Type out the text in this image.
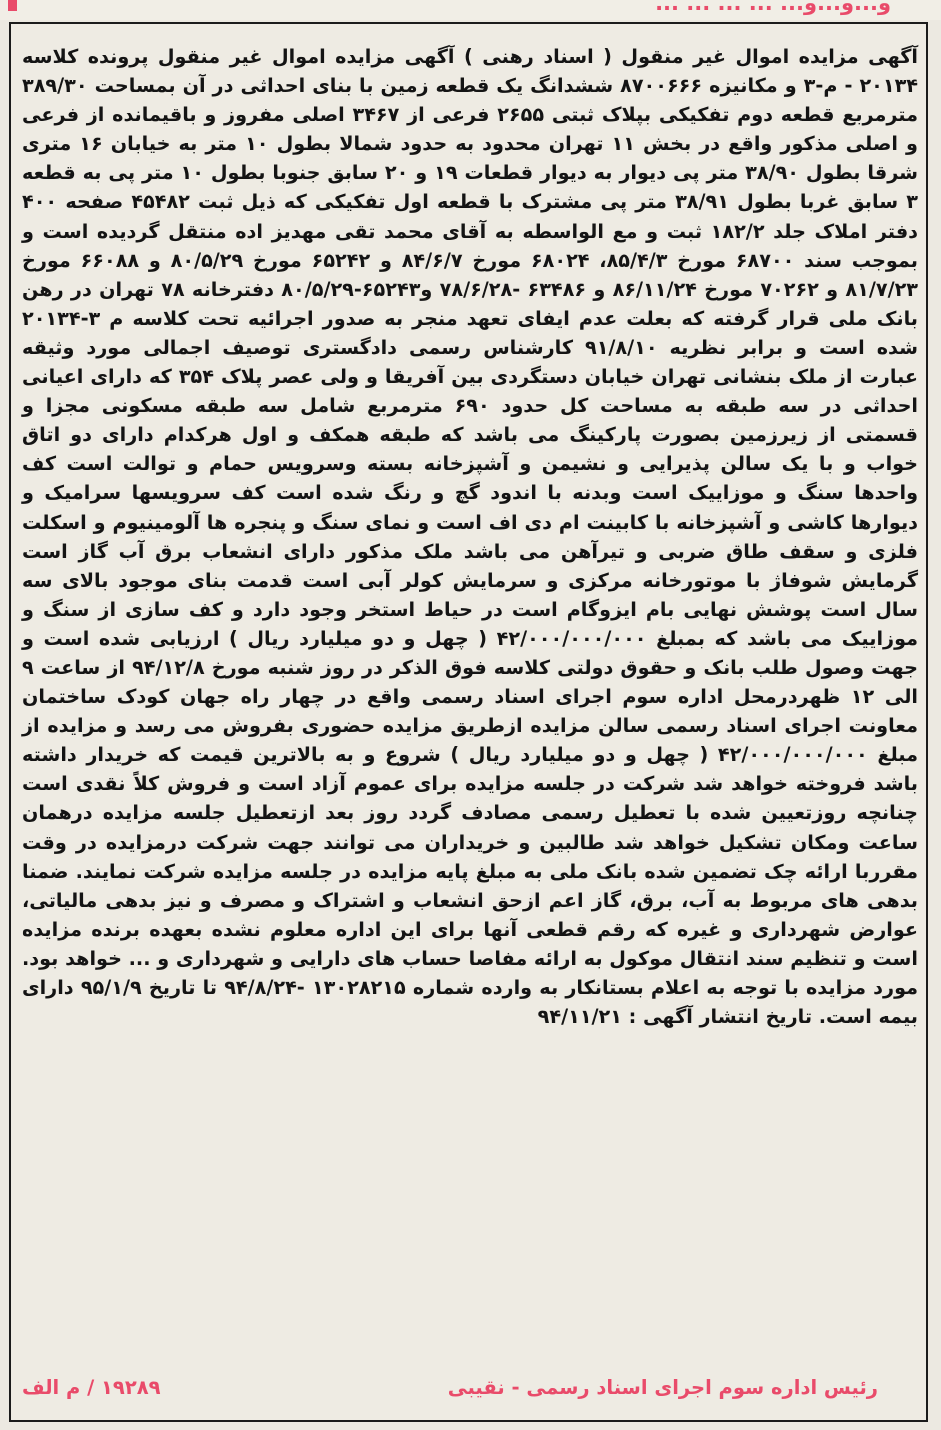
و...و...و... ... ... ... ...

آگهی مزایده اموال غیر منقول ( اسناد رهنی ) آگهی مزایده اموال غیر منقول پرونده کلاسه ۲۰۱۳۴ - م-۳ و مکانیزه ۸۷۰۰۶۶۶ ششدانگ یک قطعه زمین با بنای احداثی در آن بمساحت ۳۸۹/۳۰ مترمربع قطعه دوم تفکیکی بپلاک ثبتی ۲۶۵۵ فرعی از ۳۴۶۷ اصلی مفروز و باقیمانده از فرعی و اصلی مذکور واقع در بخش ۱۱ تهران محدود به حدود شمالا بطول ۱۰ متر به خیابان ۱۶ متری شرقا بطول ۳۸/۹۰ متر پی دیوار به دیوار قطعات ۱۹ و ۲۰ سابق جنوبا بطول ۱۰ متر پی به قطعه ۳ سابق غربا بطول ۳۸/۹۱ متر پی مشترک با قطعه اول تفکیکی که ذیل ثبت ۴۵۴۸۲ صفحه ۴۰۰ دفتر املاک جلد ۱۸۲/۲ ثبت و مع الواسطه به آقای محمد تقی مهدیز اده منتقل گردیده است و بموجب سند ۶۸۷۰۰ مورخ ۸۵/۴/۳، ۶۸۰۲۴ مورخ ۸۴/۶/۷ و ۶۵۲۴۲ مورخ ۸۰/۵/۲۹ و ۶۶۰۸۸ مورخ ۸۱/۷/۲۳ و ۷۰۲۶۲ مورخ ۸۶/۱۱/۲۴ و ۶۳۴۸۶ -۷۸/۶/۲۸ و۶۵۲۴۳-۸۰/۵/۲۹ دفترخانه ۷۸ تهران در رهن بانک ملی قرار گرفته که بعلت عدم ایفای تعهد منجر به صدور اجرائیه تحت کلاسه م ۳-۲۰۱۳۴ شده است و برابر نظریه ۹۱/۸/۱۰ کارشناس رسمی دادگستری توصیف اجمالی مورد وثیقه عبارت از ملک بنشانی تهران خیابان دستگردی بین آفریقا و ولی عصر پلاک ۳۵۴ که دارای اعیانی احداثی در سه طبقه به مساحت کل حدود ۶۹۰ مترمربع شامل سه طبقه مسکونی مجزا و قسمتی از زیرزمین بصورت پارکینگ می باشد که طبقه همکف و اول هرکدام دارای دو اتاق خواب و با یک سالن پذیرایی و نشیمن و آشپزخانه بسته وسرویس حمام و توالت است کف واحدها سنگ و موزاییک است وبدنه با اندود گچ و رنگ شده است کف سرویسها سرامیک و دیوارها کاشی و آشپزخانه با کابینت ام دی اف است و نمای سنگ و پنجره ها آلومینیوم و اسکلت فلزی و سقف طاق ضربی و تیرآهن می باشد ملک مذکور دارای انشعاب برق آب گاز است گرمایش شوفاژ با موتورخانه مرکزی و سرمایش کولر آبی است قدمت بنای موجود بالای سه سال است پوشش نهایی بام ایزوگام است در حیاط استخر وجود دارد و کف سازی از سنگ و موزاییک می باشد که بمبلغ ۴۲/۰۰۰/۰۰۰/۰۰۰ ( چهل و دو میلیارد ریال ) ارزیابی شده است و جهت وصول طلب بانک و حقوق دولتی کلاسه فوق الذکر در روز شنبه مورخ ۹۴/۱۲/۸ از ساعت ۹ الی ۱۲ ظهردرمحل اداره سوم اجرای اسناد رسمی واقع در چهار راه جهان کودک ساختمان معاونت اجرای اسناد رسمی سالن مزایده ازطریق مزایده حضوری بفروش می رسد و مزایده از مبلغ ۴۲/۰۰۰/۰۰۰/۰۰۰ ( چهل و دو میلیارد ریال ) شروع و به بالاترین قیمت که خریدار داشته باشد فروخته خواهد شد شرکت در جلسه مزایده برای عموم آزاد است و فروش کلاً نقدی است چنانچه روزتعیین شده با تعطیل رسمی مصادف گردد روز بعد ازتعطیل جلسه مزایده درهمان ساعت ومکان تشکیل خواهد شد طالبین و خریداران می توانند جهت شرکت درمزایده در وقت مقرربا ارائه چک تضمین شده بانک ملی به مبلغ پایه مزایده در جلسه مزایده شرکت نمایند. ضمنا بدهی های مربوط به آب، برق، گاز اعم ازحق انشعاب و اشتراک و مصرف و نیز بدهی مالیاتی، عوارض شهرداری و غیره که رقم قطعی آنها برای این اداره معلوم نشده بعهده برنده مزایده است و تنظیم سند انتقال موکول به ارائه مفاصا حساب های دارایی و شهرداری و ... خواهد بود. مورد مزایده با توجه به اعلام بستانکار به وارده شماره ۱۳۰۲۸۲۱۵ -۹۴/۸/۲۴ تا تاریخ ۹۵/۱/۹ دارای بیمه است. تاریخ انتشار آگهی : ۹۴/۱۱/۲۱

رئیس اداره سوم اجرای اسناد رسمی - نقیبی
۱۹۲۸۹ / م الف
